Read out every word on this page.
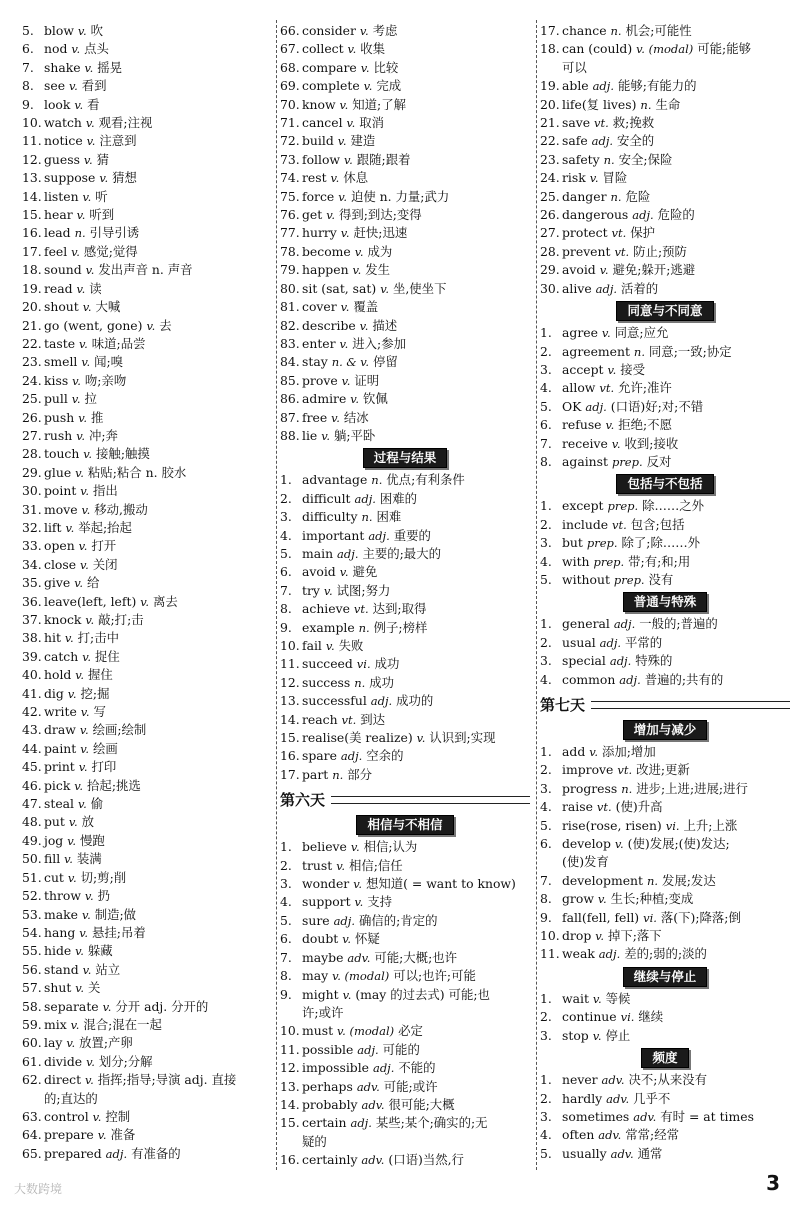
5. blow v. 吹
6. nod v. 点头
7. shake v. 摇晃
8. see v. 看到
9. look v. 看
10. watch v. 观看;注视
11. notice v. 注意到
12. guess v. 猜
13. suppose v. 猜想
14. listen v. 听
15. hear v. 听到
16. lead n. 引导引诱
17. feel v. 感觉;觉得
18. sound v. 发出声音 n. 声音
19. read v. 读
20. shout v. 大喊
21. go (went, gone) v. 去
22. taste v. 味道;品尝
23. smell v. 闻;嗅
24. kiss v. 吻;亲吻
25. pull v. 拉
26. push v. 推
27. rush v. 冲;奔
28. touch v. 接触;触摸
29. glue v. 粘贴;粘合 n. 胶水
30. point v. 指出
31. move v. 移动,搬动
32. lift v. 举起;抬起
33. open v. 打开
34. close v. 关闭
35. give v. 给
36. leave(left, left) v. 离去
37. knock v. 敲;打;击
38. hit v. 打;击中
39. catch v. 捉住
40. hold v. 握住
41. dig v. 挖;掘
42. write v. 写
43. draw v. 绘画;绘制
44. paint v. 绘画
45. print v. 打印
46. pick v. 拾起;挑选
47. steal v. 偷
48. put v. 放
49. jog v. 慢跑
50. fill v. 装满
51. cut v. 切;剪;削
52. throw v. 扔
53. make v. 制造;做
54. hang v. 悬挂;吊着
55. hide v. 躲藏
56. stand v. 站立
57. shut v. 关
58. separate v. 分开 adj. 分开的
59. mix v. 混合;混在一起
60. lay v. 放置;产卵
61. divide v. 划分;分解
62. direct v. 指挥;指导;导演 adj. 直接
的;直达的
63. control v. 控制
64. prepare v. 准备
65. prepared adj. 有准备的
66. consider v. 考虑
67. collect v. 收集
68. compare v. 比较
69. complete v. 完成
70. know v. 知道;了解
71. cancel v. 取消
72. build v. 建造
73. follow v. 跟随;跟着
74. rest v. 休息
75. force v. 迫使 n. 力量;武力
76. get v. 得到;到达;变得
77. hurry v. 赶快;迅速
78. become v. 成为
79. happen v. 发生
80. sit (sat, sat) v. 坐,使坐下
81. cover v. 覆盖
82. describe v. 描述
83. enter v. 进入;参加
84. stay n. & v. 停留
85. prove v. 证明
86. admire v. 钦佩
87. free v. 结冰
88. lie v. 躺;平卧
过程与结果
1. advantage n. 优点;有利条件
2. difficult adj. 困难的
3. difficulty n. 困难
4. important adj. 重要的
5. main adj. 主要的;最大的
6. avoid v. 避免
7. try v. 试图;努力
8. achieve vt. 达到;取得
9. example n. 例子;榜样
10. fail v. 失败
11. succeed vi. 成功
12. success n. 成功
13. successful adj. 成功的
14. reach vt. 到达
15. realise(美 realize) v. 认识到;实现
16. spare adj. 空余的
17. part n. 部分
第六天
相信与不相信
1. believe v. 相信;认为
2. trust v. 相信;信任
3. wonder v. 想知道( = want to know)
4. support v. 支持
5. sure adj. 确信的;肯定的
6. doubt v. 怀疑
7. maybe adv. 可能;大概;也许
8. may v. (modal) 可以;也许;可能
9. might v. (may 的过去式) 可能;也
许;或许
10. must v. (modal) 必定
11. possible adj. 可能的
12. impossible adj. 不能的
13. perhaps adv. 可能;或许
14. probably adv. 很可能;大概
15. certain adj. 某些;某个;确实的;无
疑的
16. certainly adv. (口语)当然,行
17. chance n. 机会;可能性
18. can (could) v. (modal) 可能;能够
可以
19. able adj. 能够;有能力的
20. life(复 lives) n. 生命
21. save vt. 救;挽救
22. safe adj. 安全的
23. safety n. 安全;保险
24. risk v. 冒险
25. danger n. 危险
26. dangerous adj. 危险的
27. protect vt. 保护
28. prevent vt. 防止;预防
29. avoid v. 避免;躲开;逃避
30. alive adj. 活着的
同意与不同意
1. agree v. 同意;应允
2. agreement n. 同意;一致;协定
3. accept v. 接受
4. allow vt. 允许;准许
5. OK adj. (口语)好;对;不错
6. refuse v. 拒绝;不愿
7. receive v. 收到;接收
8. against prep. 反对
包括与不包括
1. except prep. 除……之外
2. include vt. 包含;包括
3. but prep. 除了;除……外
4. with prep. 带;有;和;用
5. without prep. 没有
普通与特殊
1. general adj. 一般的;普遍的
2. usual adj. 平常的
3. special adj. 特殊的
4. common adj. 普遍的;共有的
第七天
增加与减少
1. add v. 添加;增加
2. improve vt. 改进;更新
3. progress n. 进步;上进;进展;进行
4. raise vt. (使)升高
5. rise(rose, risen) vi. 上升;上涨
6. develop v. (使)发展;(使)发达;
(使)发育
7. development n. 发展;发达
8. grow v. 生长;种植;变成
9. fall(fell, fell) vi. 落(下);降落;倒
10. drop v. 掉下;落下
11. weak adj. 差的;弱的;淡的
继续与停止
1. wait v. 等候
2. continue vi. 继续
3. stop v. 停止
频度
1. never adv. 决不;从来没有
2. hardly adv. 几乎不
3. sometimes adv. 有时 = at times
4. often adv. 常常;经常
5. usually adv. 通常
大数跨境	3
